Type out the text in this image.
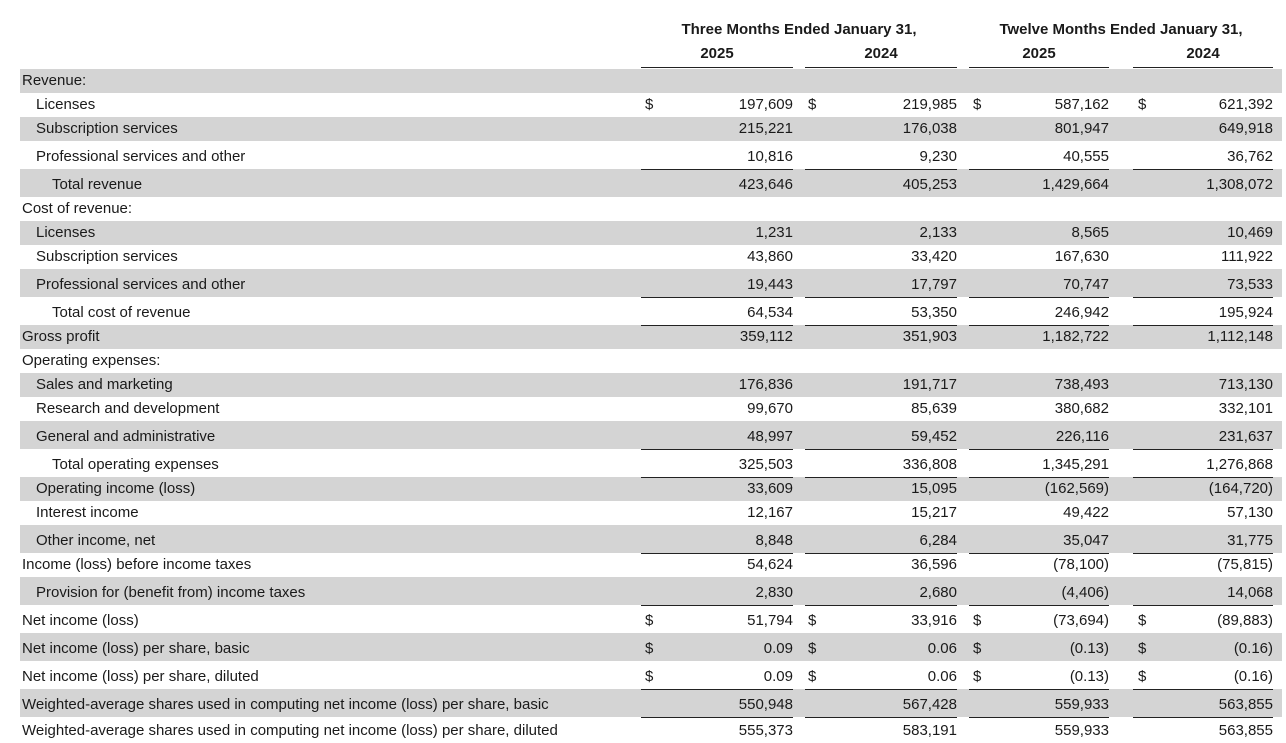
Three Months Ended January 31,	Twelve Months Ended January 31,
2025	2024	2025	2024
Revenue:
Licenses	$	197,609 $	219,985 $	587,162 $	621,392
Subscription services	215,221	176,038	801,947	649,918
Professional services and other	10,816	9,230	40,555	36,762
Total revenue	423,646	405,253	1,429,664	1,308,072
Cost of revenue:
Licenses	1,231	2,133	8,565	10,469
Subscription services	43,860	33,420	167,630	111,922
Professional services and other	19,443	17,797	70,747	73,533
Total cost of revenue	64,534	53,350	246,942	195,924
Gross profit	359,112	351,903	1,182,722	1,112,148
Operating expenses:
Sales and marketing	176,836	191,717	738,493	713,130
Research and development	99,670	85,639	380,682	332,101
General and administrative	48,997	59,452	226,116	231,637
Total operating expenses	325,503	336,808	1,345,291	1,276,868
Operating income (loss)	33,609	15,095	(162,569)	(164,720)
Interest income	12,167	15,217	49,422	57,130
Other income, net	8,848	6,284	35,047	31,775
Income (loss) before income taxes	54,624	36,596	(78,100)	(75,815)
Provision for (benefit from) income taxes	2,830	2,680	(4,406)	14,068
Net income (loss)	$	51,794 $	33,916 $	(73,694) $	(89,883)
Net income (loss) per share, basic	$	0.09 $	0.06 $	(0.13) $	(0.16)
Net income (loss) per share, diluted	$	0.09 $	0.06 $	(0.13) $	(0.16)
Weighted-average shares used in computing net income (loss) per share, basic	550,948	567,428	559,933	563,855
Weighted-average shares used in computing net income (loss) per share, diluted	555,373	583,191	559,933	563,855
